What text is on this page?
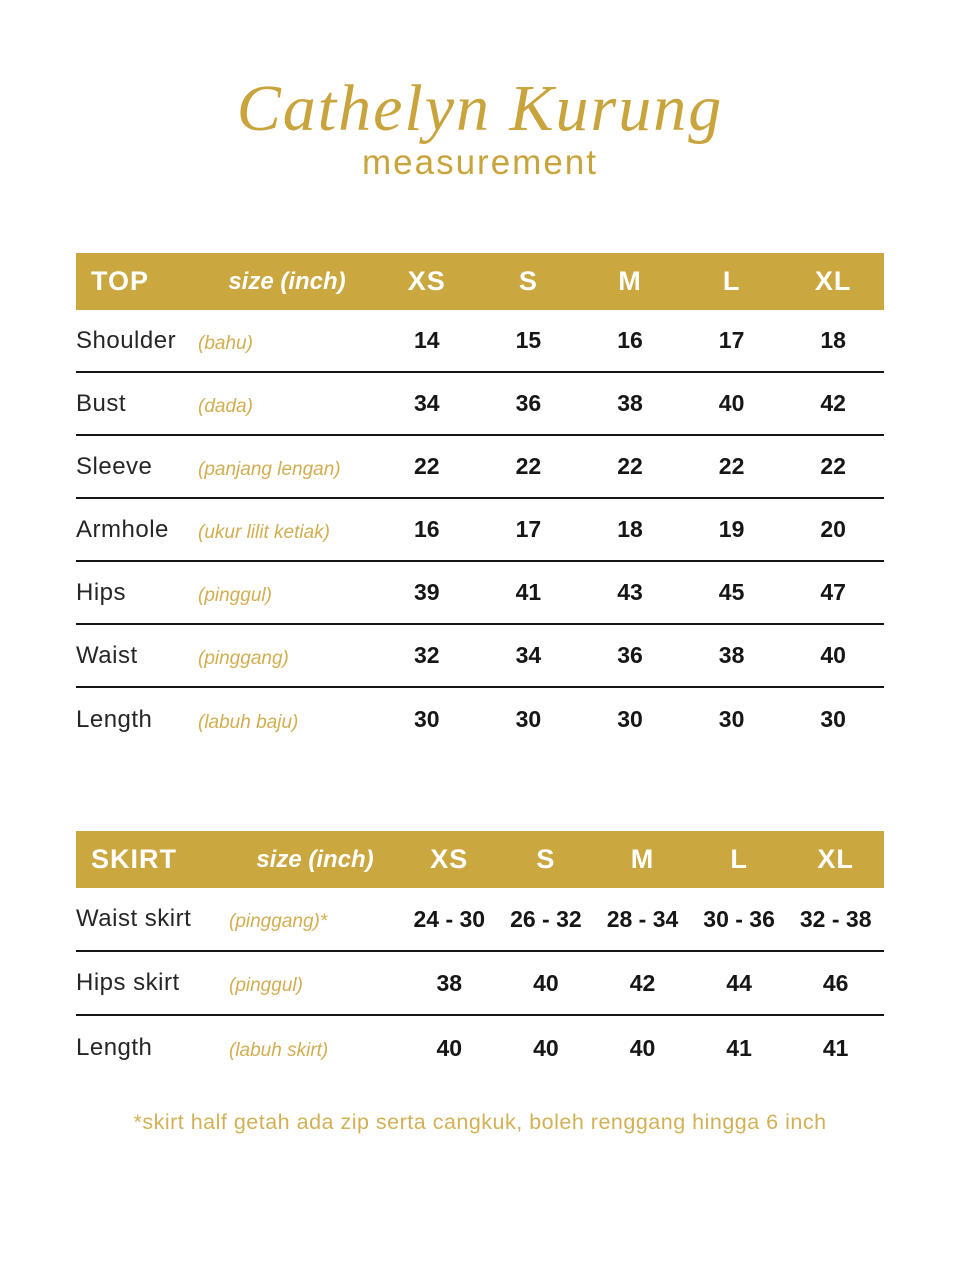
Cathelyn Kurung
measurement
TOP	size (inch)	XS	S	M	L	XL
Shoulder	(bahu)	14	15	16	17	18
Bust	(dada)	34	36	38	40	42
Sleeve	(panjang lengan)	22	22	22	22	22
Armhole	(ukur lilit ketiak)	16	17	18	19	20
Hips	(pinggul)	39	41	43	45	47
Waist	(pinggang)	32	34	36	38	40
Length	(labuh baju)	30	30	30	30	30
SKIRT	size (inch)	XS	S	M	L	XL
Waist skirt	(pinggang)*	24 - 30	26 - 32	28 - 34	30 - 36	32 - 38
Hips skirt	(pinggul)	38	40	42	44	46
Length	(labuh skirt)	40	40	40	41	41

*skirt half getah ada zip serta cangkuk, boleh renggang hingga 6 inch
